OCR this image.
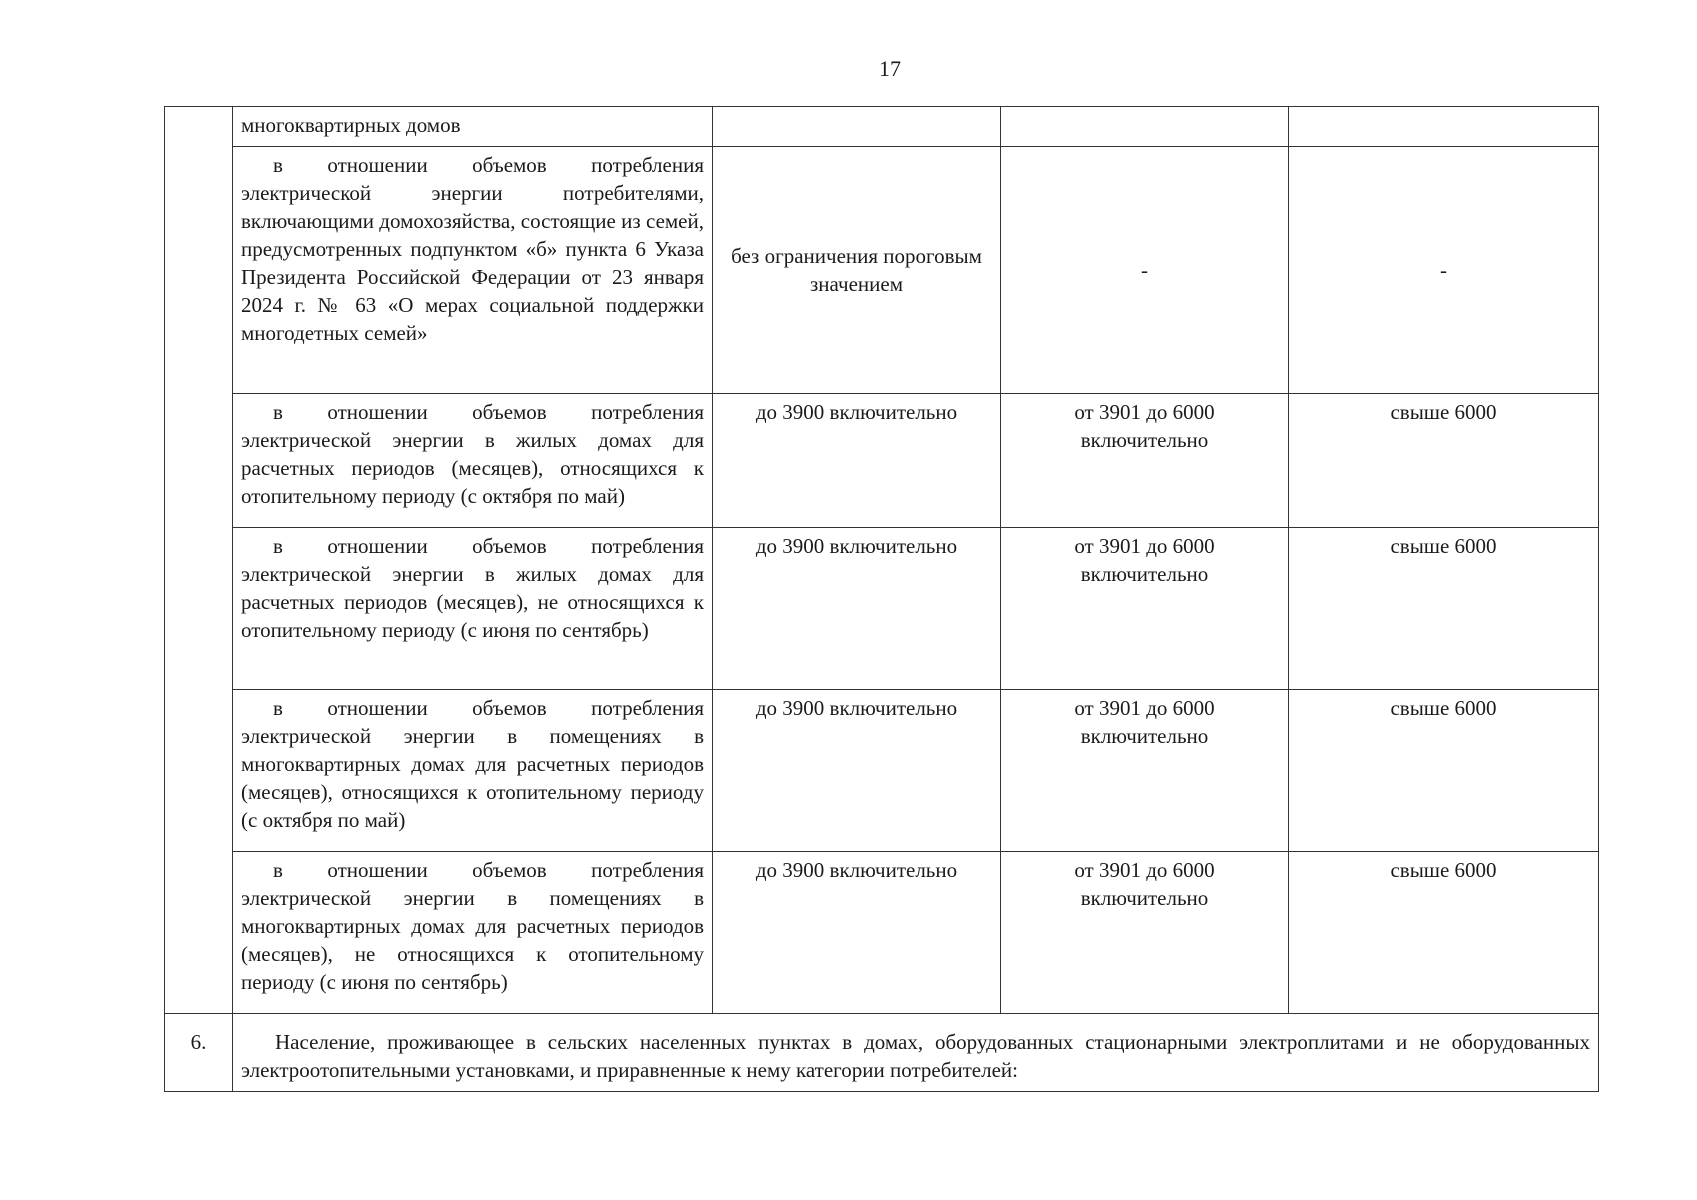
17

	многоквартирных домов			

	в отношении объемов потребления электрической энергии потребителями, включающими домохозяйства, состоящие из семей, предусмотренных подпунктом «б» пункта 6 Указа Президента Российской Федерации от 23 января 2024 г. № 63 «О мерах социальной поддержки многодетных семей»	без ограничения пороговым значением	-	-

	в отношении объемов потребления электрической энергии в жилых домах для расчетных периодов (месяцев), относящихся к отопительному периоду (с октября по май)	до 3900 включительно	от 3901 до 6000 включительно	свыше 6000

	в отношении объемов потребления электрической энергии в жилых домах для расчетных периодов (месяцев), не относящихся к отопительному периоду (с июня по сентябрь)	до 3900 включительно	от 3901 до 6000 включительно	свыше 6000

	в отношении объемов потребления электрической энергии в помещениях в многоквартирных домах для расчетных периодов (месяцев), относящихся к отопительному периоду (с октября по май)	до 3900 включительно	от 3901 до 6000 включительно	свыше 6000

	в отношении объемов потребления электрической энергии в помещениях в многоквартирных домах для расчетных периодов (месяцев), не относящихся к отопительному периоду (с июня по сентябрь)	до 3900 включительно	от 3901 до 6000 включительно	свыше 6000
6.	Население, проживающее в сельских населенных пунктах в домах, оборудованных стационарными электроплитами и не оборудованных электроотопительными установками, и приравненные к нему категории потребителей:			
